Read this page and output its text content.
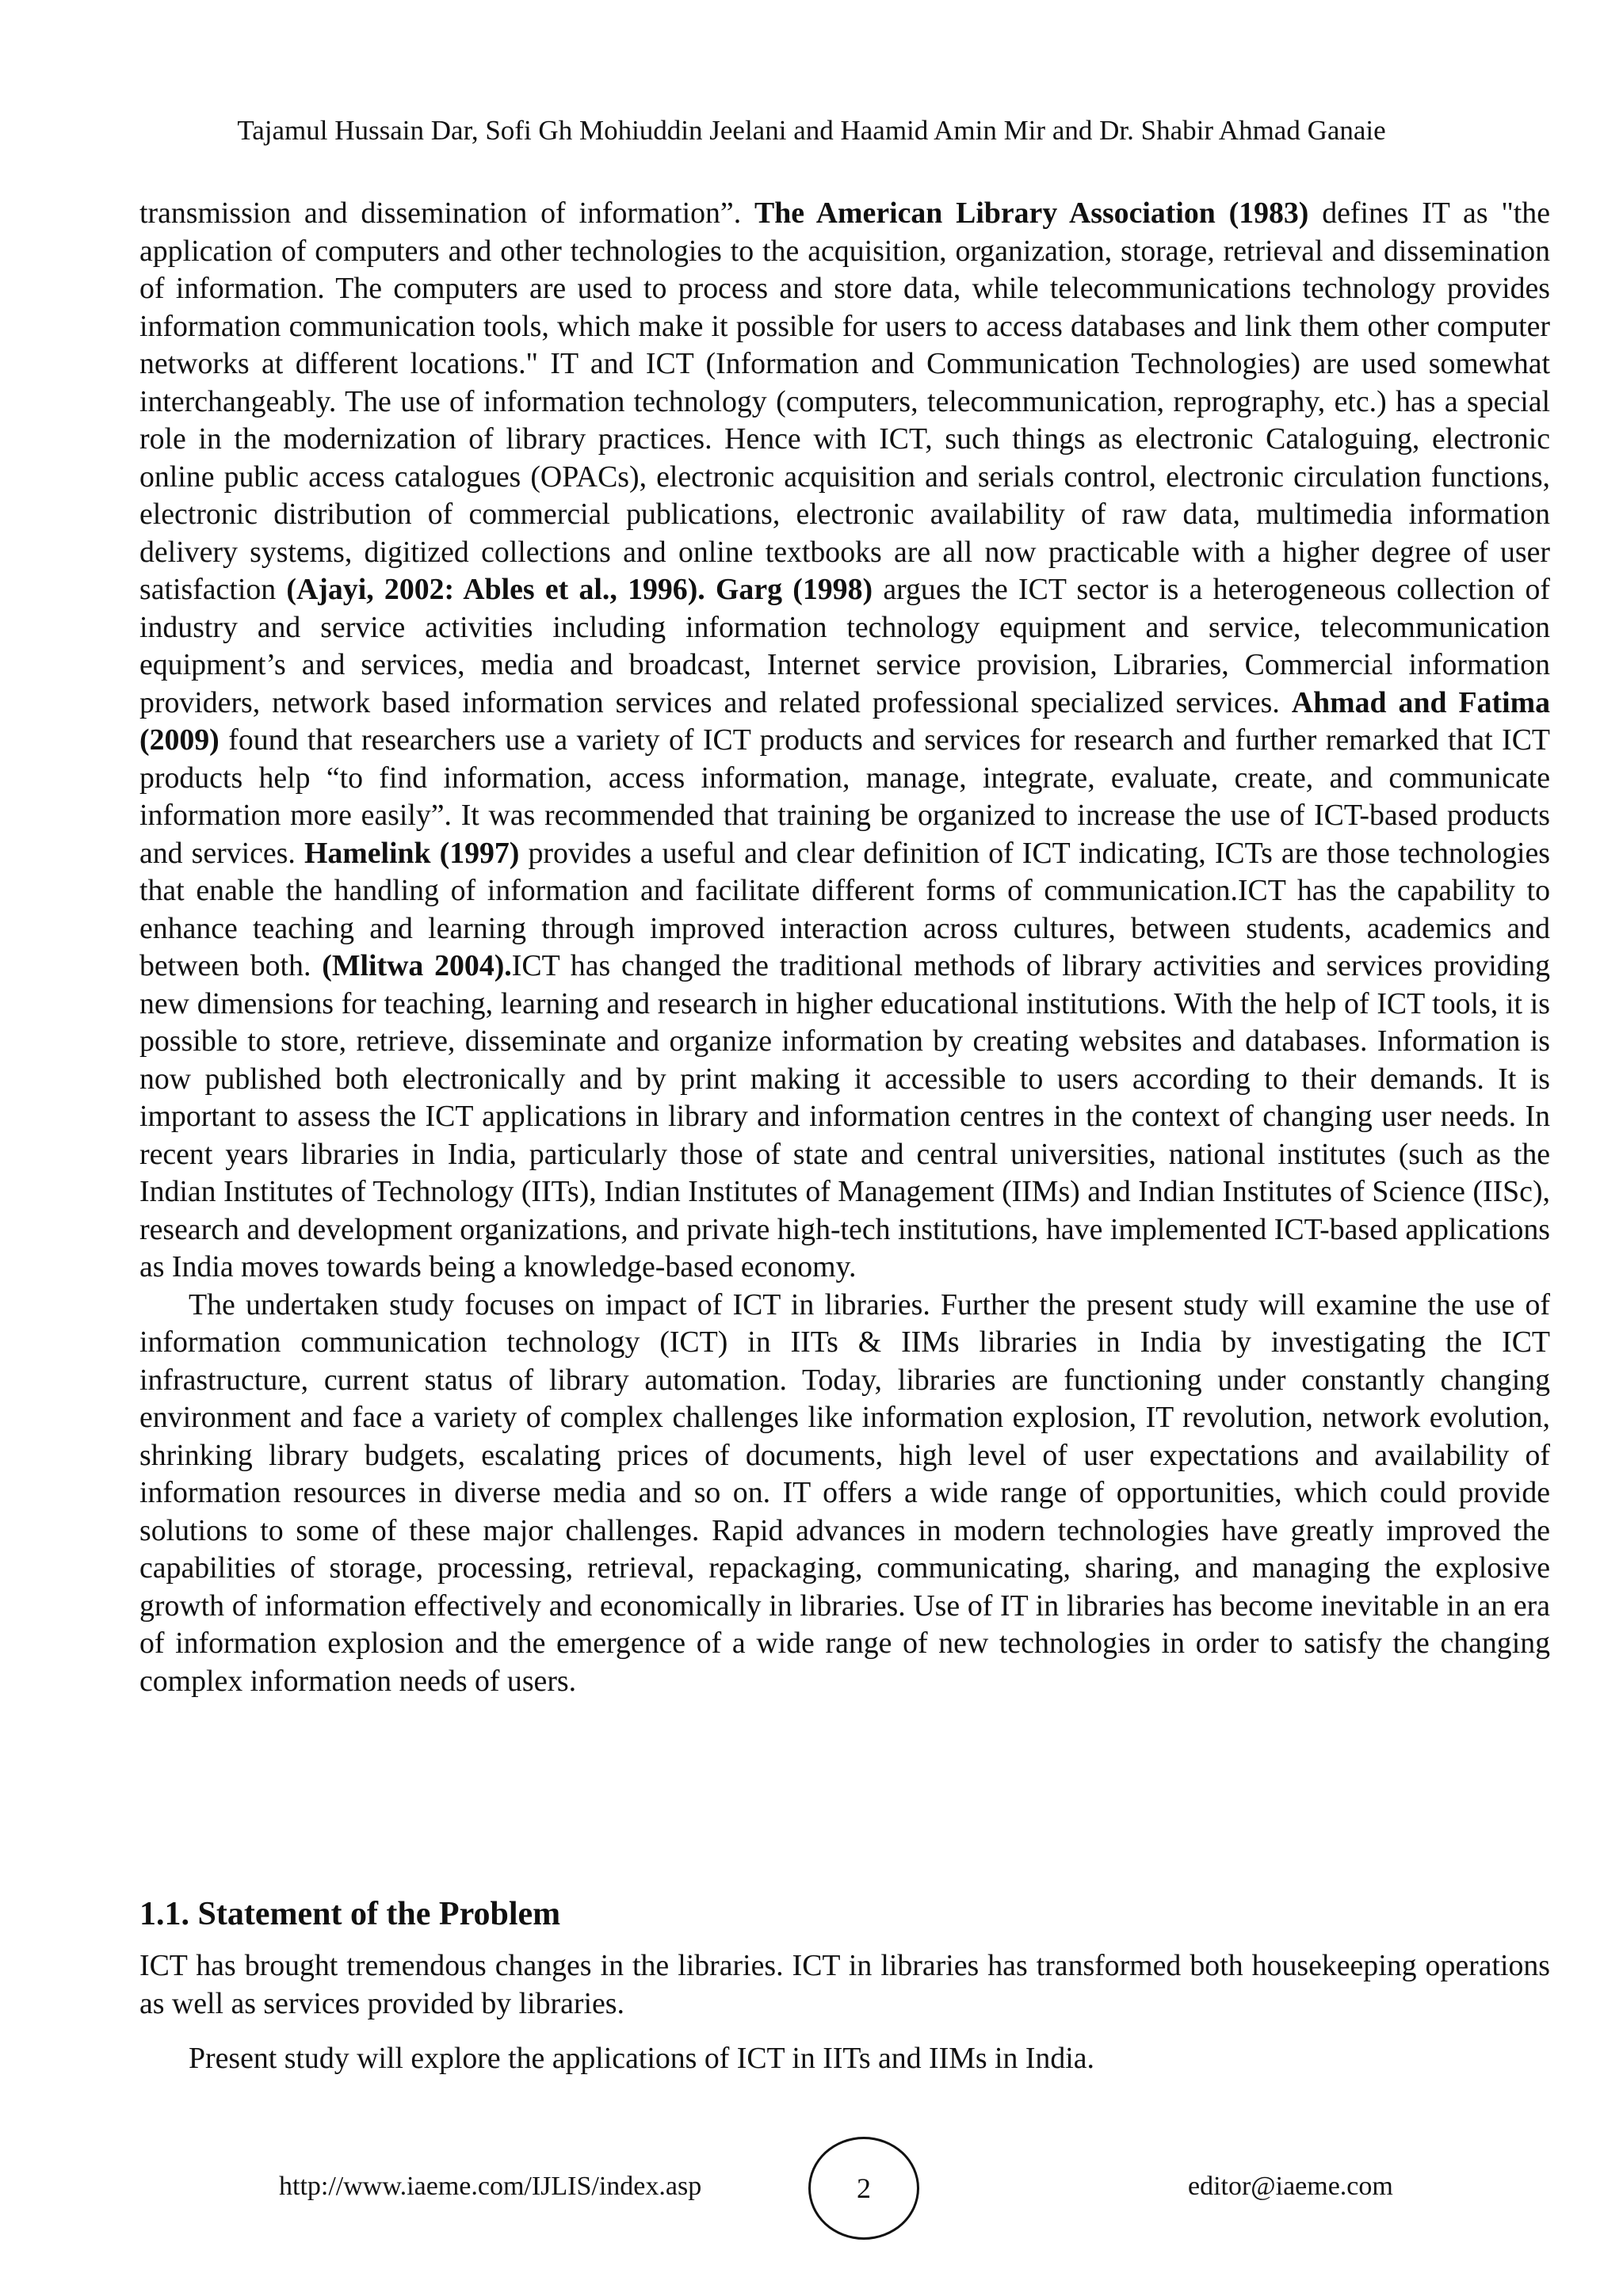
Tajamul Hussain Dar, Sofi Gh Mohiuddin Jeelani and Haamid Amin Mir and Dr. Shabir Ahmad Ganaie

transmission and dissemination of information”. The American Library Association (1983) defines IT as "the application of computers and other technologies to the acquisition, organization, storage, retrieval and dissemination of information. The computers are used to process and store data, while telecommunications technology provides information communication tools, which make it possible for users to access databases and link them other computer networks at different locations." IT and ICT (Information and Communication Technologies) are used somewhat interchangeably. The use of information technology (computers, telecommunication, reprography, etc.) has a special role in the modernization of library practices. Hence with ICT, such things as electronic Cataloguing, electronic online public access catalogues (OPACs), electronic acquisition and serials control, electronic circulation functions, electronic distribution of commercial publications, electronic availability of raw data, multimedia information delivery systems, digitized collections and online textbooks are all now practicable with a higher degree of user satisfaction (Ajayi, 2002: Ables et al., 1996). Garg (1998) argues the ICT sector is a heterogeneous collection of industry and service activities including information technology equipment and service, telecommunication equipment’s and services, media and broadcast, Internet service provision, Libraries, Commercial information providers, network based information services and related professional specialized services. Ahmad and Fatima (2009) found that researchers use a variety of ICT products and services for research and further remarked that ICT products help “to find information, access information, manage, integrate, evaluate, create, and communicate information more easily”. It was recommended that training be organized to increase the use of ICT-based products and services. Hamelink (1997) provides a useful and clear definition of ICT indicating, ICTs are those technologies that enable the handling of information and facilitate different forms of communication.ICT has the capability to enhance teaching and learning through improved interaction across cultures, between students, academics and between both. (Mlitwa 2004).ICT has changed the traditional methods of library activities and services providing new dimensions for teaching, learning and research in higher educational institutions. With the help of ICT tools, it is possible to store, retrieve, disseminate and organize information by creating websites and databases. Information is now published both electronically and by print making it accessible to users according to their demands. It is important to assess the ICT applications in library and information centres in the context of changing user needs. In recent years libraries in India, particularly those of state and central universities, national institutes (such as the Indian Institutes of Technology (IITs), Indian Institutes of Management (IIMs) and Indian Institutes of Science (IISc), research and development organizations, and private high-tech institutions, have implemented ICT-based applications as India moves towards being a knowledge-based economy.

The undertaken study focuses on impact of ICT in libraries. Further the present study will examine the use of information communication technology (ICT) in IITs & IIMs libraries in India by investigating the ICT infrastructure, current status of library automation. Today, libraries are functioning under constantly changing environment and face a variety of complex challenges like information explosion, IT revolution, network evolution, shrinking library budgets, escalating prices of documents, high level of user expectations and availability of information resources in diverse media and so on. IT offers a wide range of opportunities, which could provide solutions to some of these major challenges. Rapid advances in modern technologies have greatly improved the capabilities of storage, processing, retrieval, repackaging, communicating, sharing, and managing the explosive growth of information effectively and economically in libraries. Use of IT in libraries has become inevitable in an era of information explosion and the emergence of a wide range of new technologies in order to satisfy the changing complex information needs of users.

1.1. Statement of the Problem

ICT has brought tremendous changes in the libraries. ICT in libraries has transformed both housekeeping operations as well as services provided by libraries.

Present study will explore the applications of ICT in IITs and IIMs in India.

http://www.iaeme.com/IJLIS/index.asp	2	editor@iaeme.com
